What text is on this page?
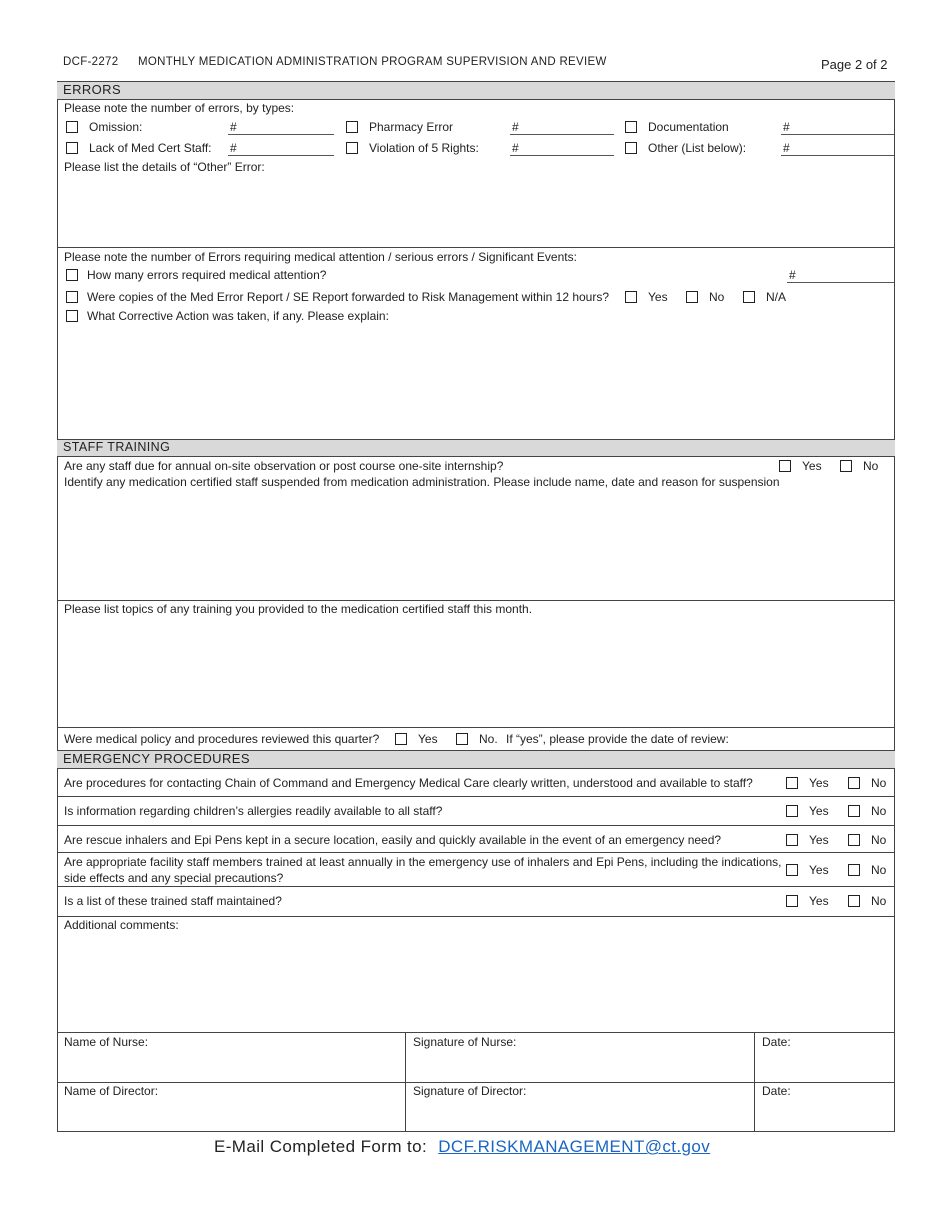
DCF-2272 MONTHLY MEDICATION ADMINISTRATION PROGRAM SUPERVISION AND REVIEW	Page 2 of 2
ERRORS
Please note the number of errors, by types:
Omission:	#	Pharmacy Error	#	Documentation	#
Lack of Med Cert Staff: #	Violation of 5 Rights:	#	Other (List below):	#
Please list the details of “Other” Error:
Please note the number of Errors requiring medical attention / serious errors / Significant Events:
How many errors required medical attention?	#
Were copies of the Med Error Report / SE Report forwarded to Risk Management within 12 hours?	Yes	No	N/A
What Corrective Action was taken, if any. Please explain:
STAFF TRAINING
Are any staff due for annual on-site observation or post course one-site internship?	Yes	No
Identify any medication certified staff suspended from medication administration. Please include name, date and reason for suspension
Please list topics of any training you provided to the medication certified staff this month.
Were medical policy and procedures reviewed this quarter?	Yes	No. If “yes”, please provide the date of review:
EMERGENCY PROCEDURES
Are procedures for contacting Chain of Command and Emergency Medical Care clearly written, understood and available to staff?	Yes	No
Is information regarding children’s allergies readily available to all staff?	Yes	No
Are rescue inhalers and Epi Pens kept in a secure location, easily and quickly available in the event of an emergency need?	Yes	No
Are appropriate facility staff members trained at least annually in the emergency use of inhalers and Epi Pens, including the indications,
side effects and any special precautions?
Yes	No
Is a list of these trained staff maintained?	Yes	No
Additional comments:
Name of Nurse:	Signature of Nurse:	Date:
Name of Director:	Signature of Director:	Date:
E-Mail Completed Form to: DCF.RISKMANAGEMENT@ct.gov
